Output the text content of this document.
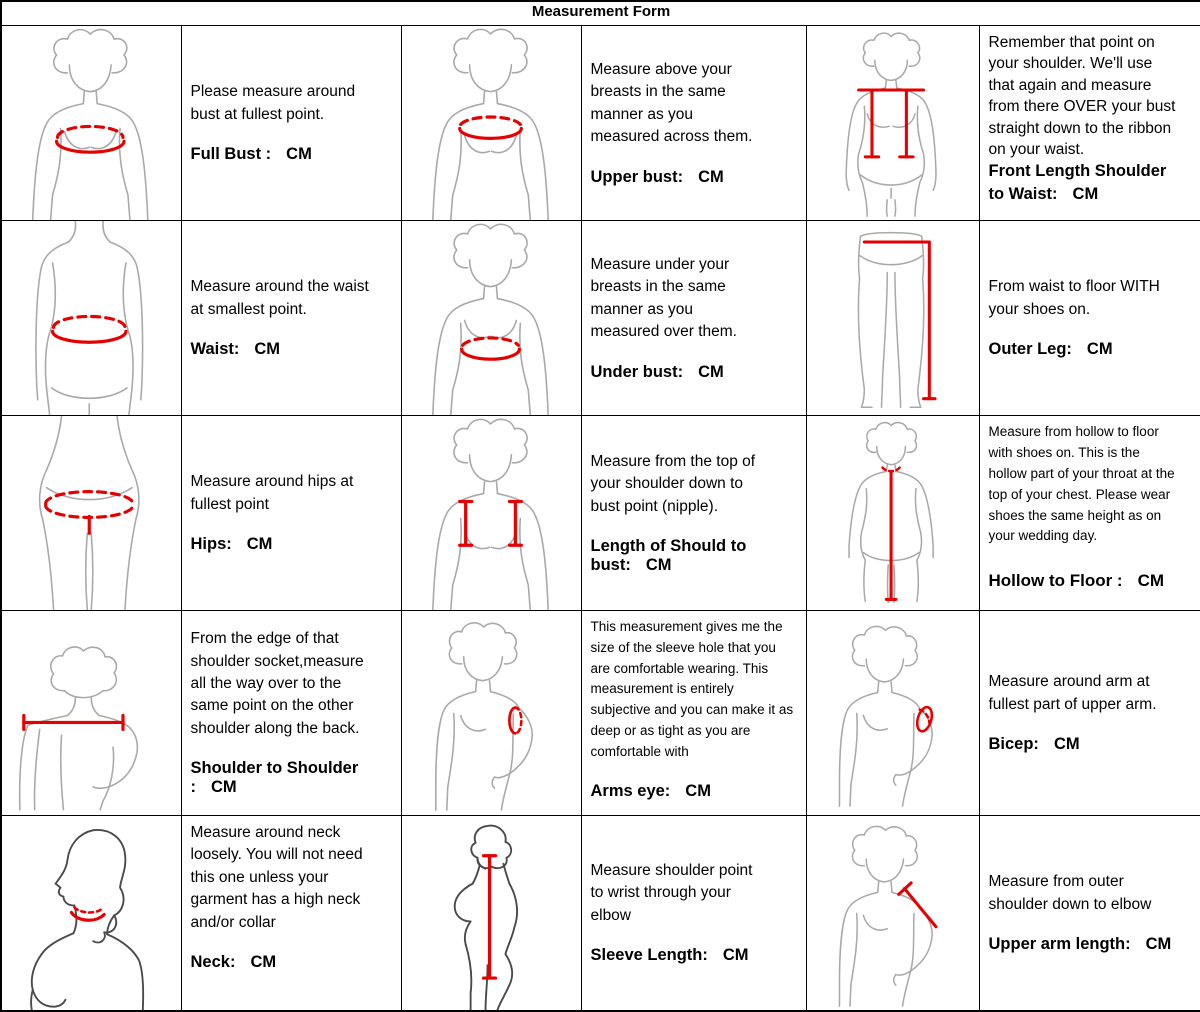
Measurement Form					

Please measure around bust at fullest point.
Full Bust : CM

Measure above your breasts in the same manner as you measured across them.
Upper bust: CM

Remember that point on your shoulder. We'll use that again and measure from there OVER your bust straight down to the ribbon on your waist.
Front Length Shoulder to Waist: CM

Measure around the waist at smallest point.
Waist: CM

Measure under your breasts in the same manner as you measured over them.
Under bust: CM

From waist to floor WITH your shoes on.
Outer Leg: CM

Measure around hips at fullest point
Hips: CM

Measure from the top of your shoulder down to bust point (nipple).
Length of Should to bust: CM

Measure from hollow to floor with shoes on. This is the hollow part of your throat at the top of your chest. Please wear shoes the same height as on your wedding day.
Hollow to Floor : CM

From the edge of that shoulder socket,measure all the way over to the same point on the other shoulder along the back.
Shoulder to Shoulder : CM

This measurement gives me the size of the sleeve hole that you are comfortable wearing. This measurement is entirely subjective and you can make it as deep or as tight as you are comfortable with
Arms eye: CM

Measure around arm at fullest part of upper arm.
Bicep: CM

Measure around neck loosely. You will not need this one unless your garment has a high neck and/or collar
Neck: CM

Measure shoulder point to wrist through your elbow
Sleeve Length: CM

Measure from outer shoulder down to elbow
Upper arm length: CM
